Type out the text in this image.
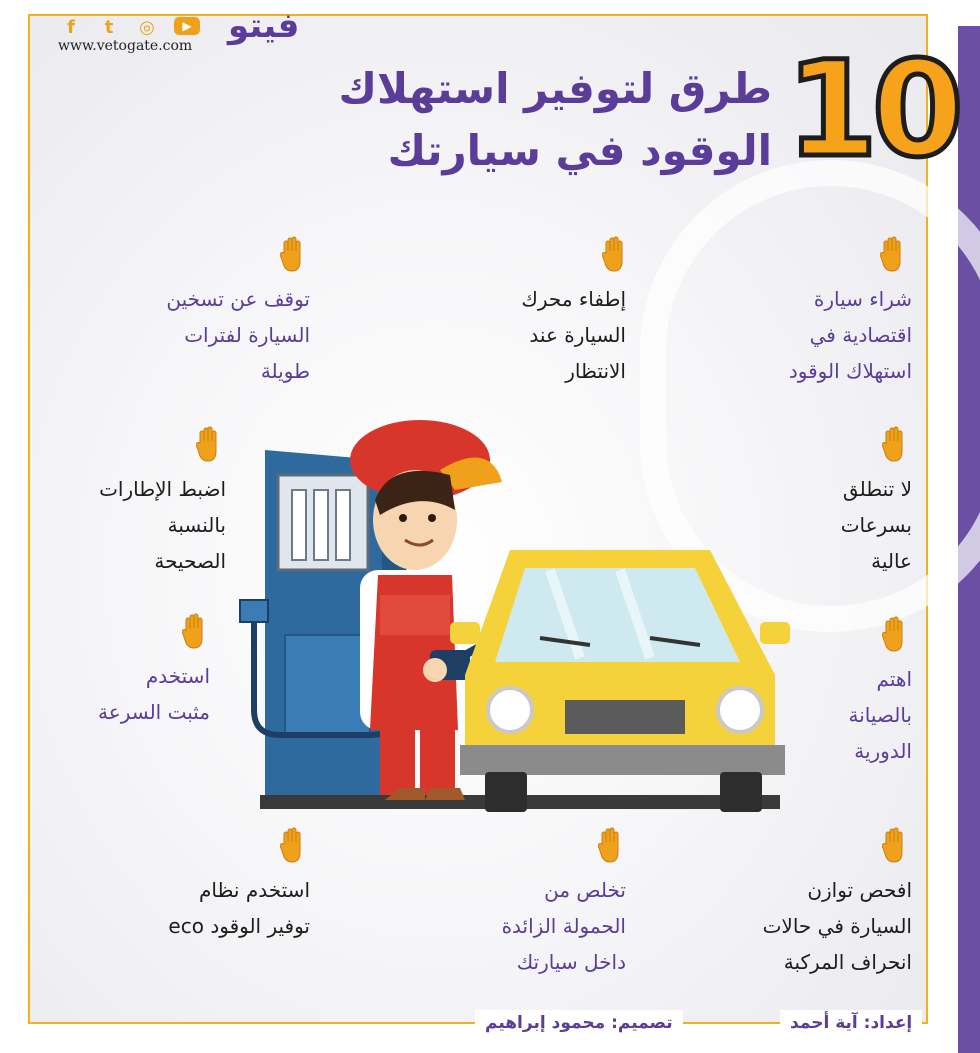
f	t	◎	▶
www.vetogate.com فيتو
10
طرق لتوفير استهلاك
الوقود في سيارتك
شراء سيارة
اقتصادية في
استهلاك الوقود
إطفاء محرك
السيارة عند
الانتظار
توقف عن تسخين
السيارة لفترات
طويلة
لا تنطلق
بسرعات
عالية
اضبط الإطارات
بالنسبة
الصحيحة
اهتم
بالصيانة
الدورية
استخدم
مثبت السرعة
افحص توازن
السيارة في حالات
انحراف المركبة
تخلص من
الحمولة الزائدة
داخل سيارتك
استخدم نظام
توفير الوقود eco
إعداد: آية أحمد
تصميم: محمود إبراهيم
